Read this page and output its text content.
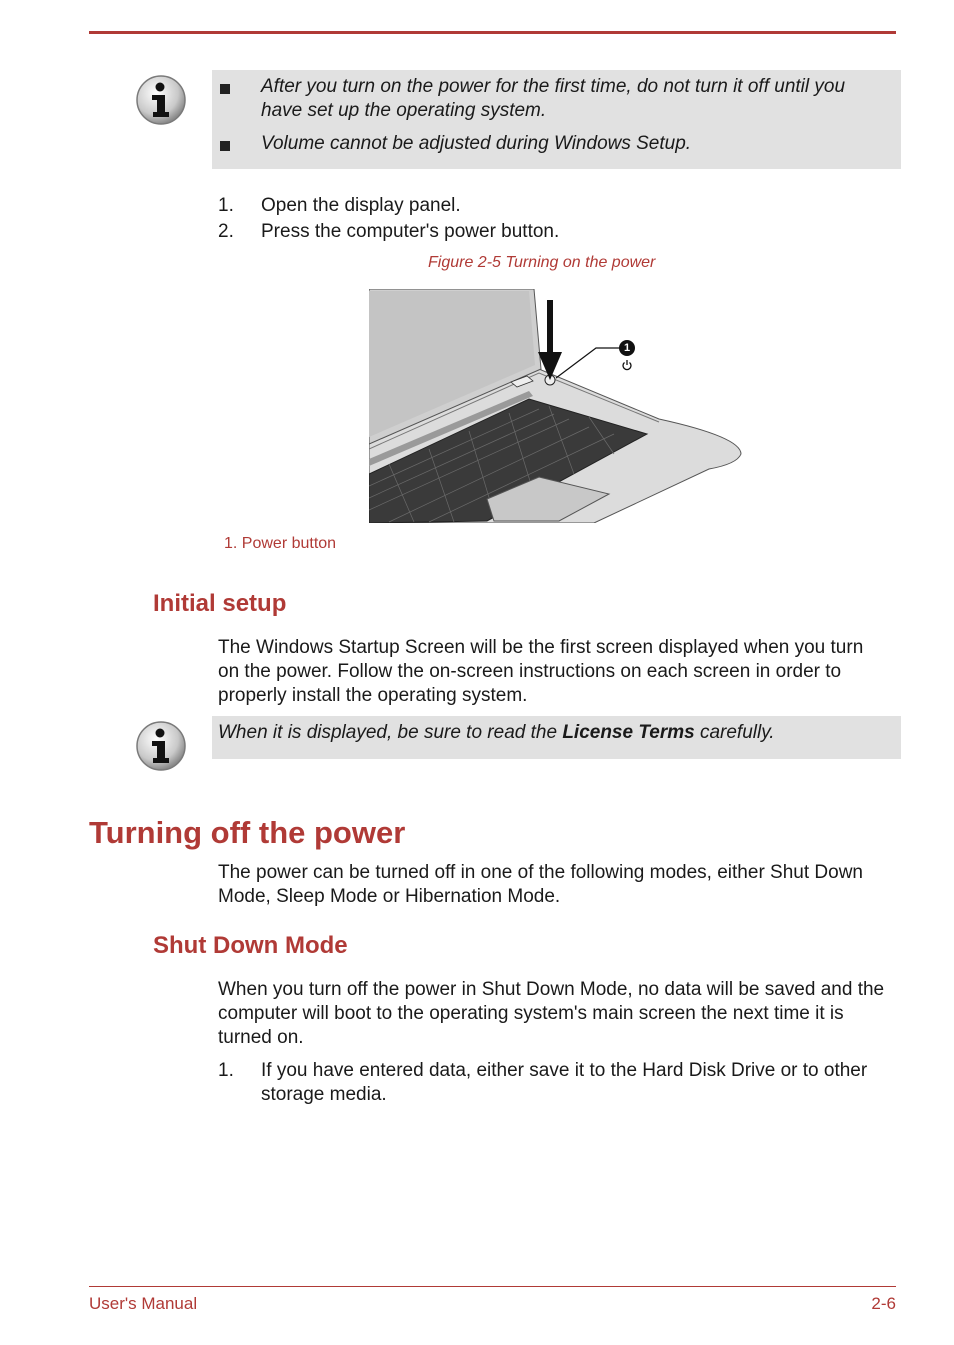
After you turn on the power for the first time, do not turn it off until you have set up the operating system.
Volume cannot be adjusted during Windows Setup.
1. Open the display panel.
2. Press the computer's power button.
Figure 2-5 Turning on the power
1
1. Power button
Initial setup
The Windows Startup Screen will be the first screen displayed when you turn on the power. Follow the on-screen instructions on each screen in order to properly install the operating system.
When it is displayed, be sure to read the License Terms carefully.
Turning off the power
The power can be turned off in one of the following modes, either Shut Down Mode, Sleep Mode or Hibernation Mode.
Shut Down Mode
When you turn off the power in Shut Down Mode, no data will be saved and the computer will boot to the operating system's main screen the next time it is turned on.
1. If you have entered data, either save it to the Hard Disk Drive or to other storage media.
User's Manual	2-6
